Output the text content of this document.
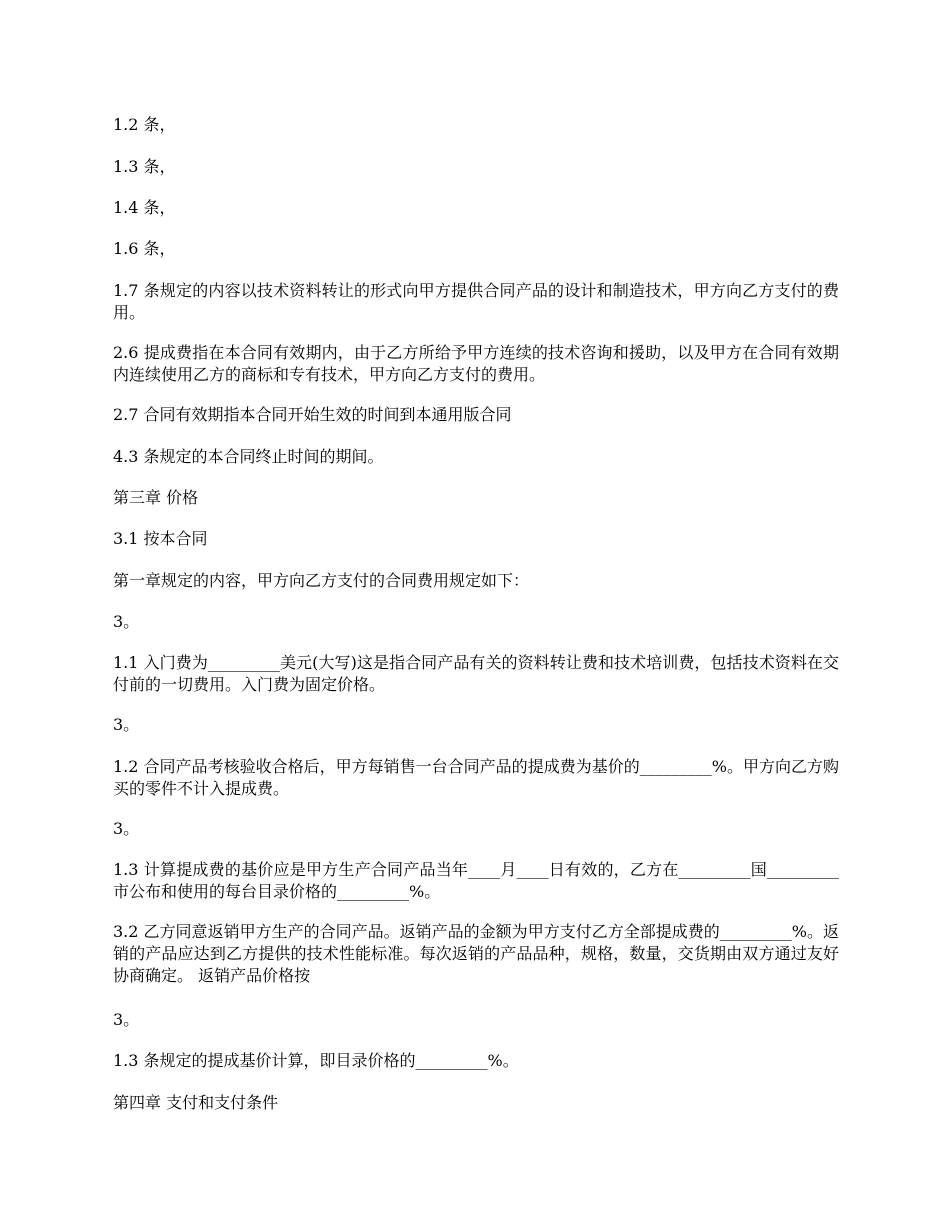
1.2 条，

1.3 条，

1.4 条，

1.6 条，

1.7 条规定的内容以技术资料转让的形式向甲方提供合同产品的设计和制造技术，甲方向乙方支付的费用。

2.6 提成费指在本合同有效期内，由于乙方所给予甲方连续的技术咨询和援助，以及甲方在合同有效期内连续使用乙方的商标和专有技术，甲方向乙方支付的费用。

2.7 合同有效期指本合同开始生效的时间到本通用版合同

4.3 条规定的本合同终止时间的期间。

第三章 价格

3.1 按本合同

第一章规定的内容，甲方向乙方支付的合同费用规定如下：

3。

1.1 入门费为_________美元(大写)这是指合同产品有关的资料转让费和技术培训费，包括技术资料在交付前的一切费用。入门费为固定价格。

3。

1.2 合同产品考核验收合格后，甲方每销售一台合同产品的提成费为基价的_________%。甲方向乙方购买的零件不计入提成费。

3。

1.3 计算提成费的基价应是甲方生产合同产品当年____月____日有效的，乙方在_________国_________市公布和使用的每台目录价格的_________%。

3.2 乙方同意返销甲方生产的合同产品。返销产品的金额为甲方支付乙方全部提成费的_________%。返销的产品应达到乙方提供的技术性能标准。每次返销的产品品种，规格，数量，交货期由双方通过友好协商确定。 返销产品价格按

3。

1.3 条规定的提成基价计算，即目录价格的_________%。

第四章 支付和支付条件
